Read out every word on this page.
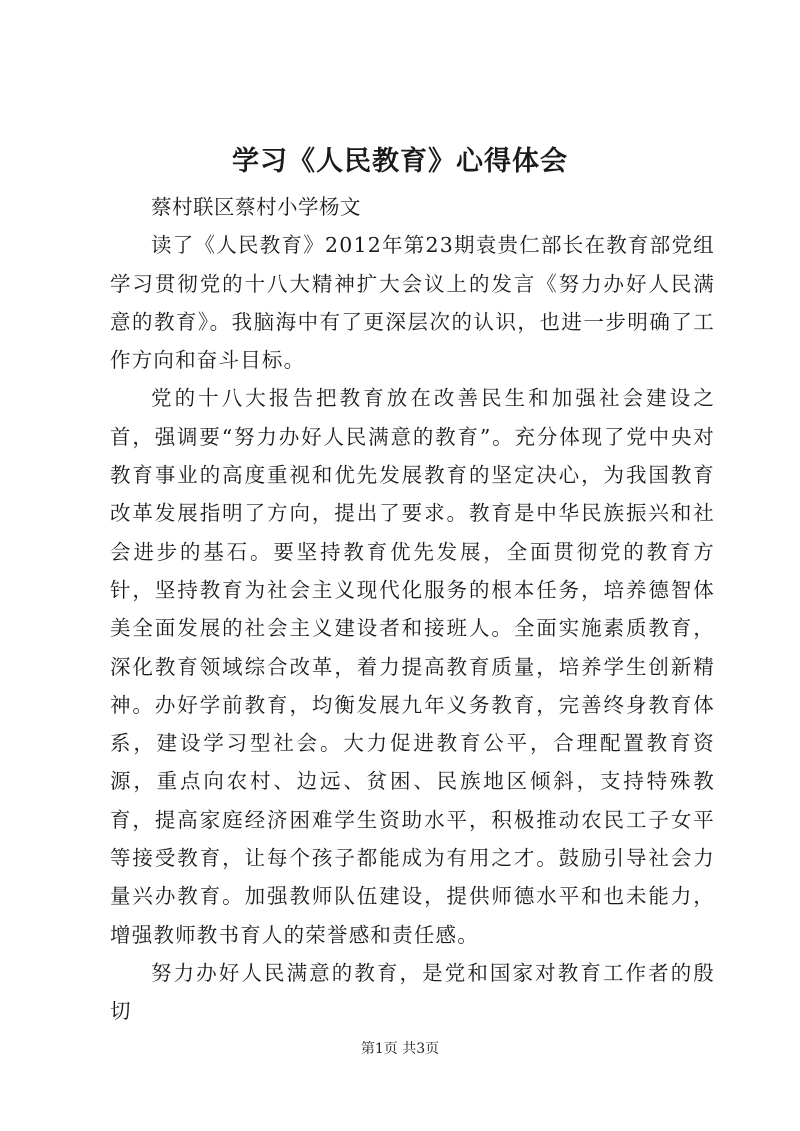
学习《人民教育》心得体会

蔡村联区蔡村小学杨文

读了《人民教育》2012年第23期袁贵仁部长在教育部党组学习贯彻党的十八大精神扩大会议上的发言《努力办好人民满意的教育》。我脑海中有了更深层次的认识，也进一步明确了工作方向和奋斗目标。

党的十八大报告把教育放在改善民生和加强社会建设之首，强调要“努力办好人民满意的教育”。充分体现了党中央对教育事业的高度重视和优先发展教育的坚定决心，为我国教育改革发展指明了方向，提出了要求。教育是中华民族振兴和社会进步的基石。要坚持教育优先发展，全面贯彻党的教育方针，坚持教育为社会主义现代化服务的根本任务，培养德智体美全面发展的社会主义建设者和接班人。全面实施素质教育，深化教育领域综合改革，着力提高教育质量，培养学生创新精神。办好学前教育，均衡发展九年义务教育，完善终身教育体系，建设学习型社会。大力促进教育公平，合理配置教育资源，重点向农村、边远、贫困、民族地区倾斜，支持特殊教育，提高家庭经济困难学生资助水平，积极推动农民工子女平等接受教育，让每个孩子都能成为有用之才。鼓励引导社会力量兴办教育。加强教师队伍建设，提供师德水平和也未能力，增强教师教书育人的荣誉感和责任感。

努力办好人民满意的教育，是党和国家对教育工作者的殷切

第1页 共3页
